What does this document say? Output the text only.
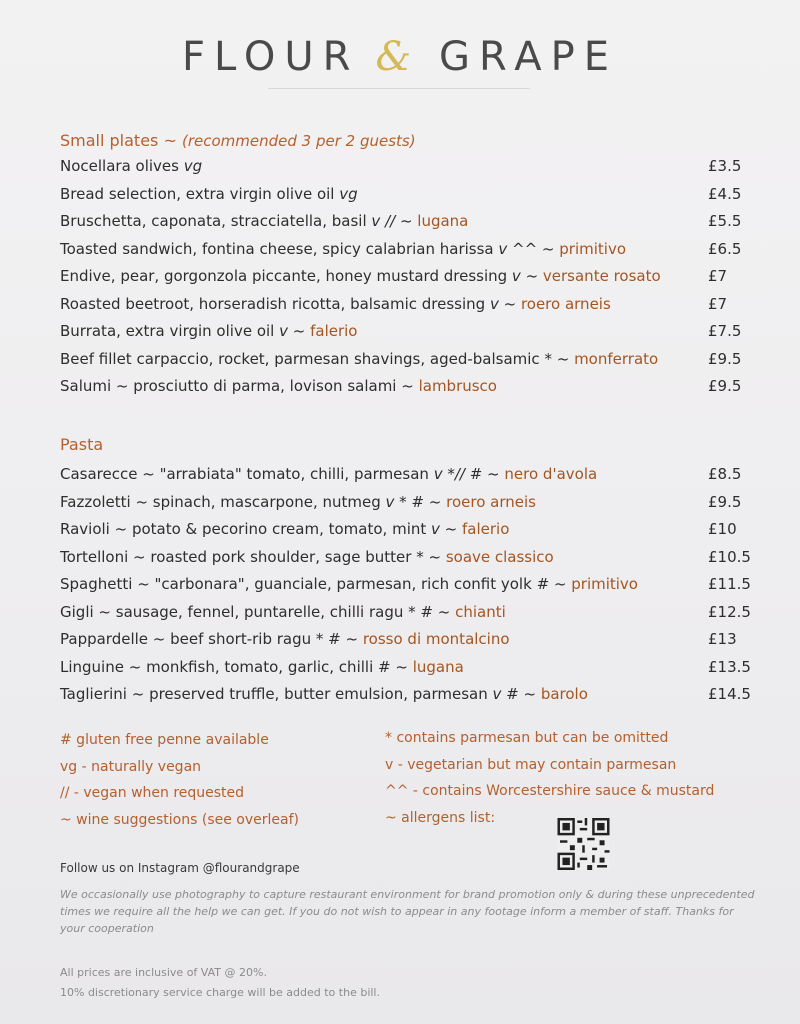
FLOUR & GRAPE
Small plates ~ (recommended 3 per 2 guests)
Nocellara olives vg	£3.5
Bread selection, extra virgin olive oil vg	£4.5
Bruschetta, caponata, stracciatella, basil v // ~ lugana	£5.5
Toasted sandwich, fontina cheese, spicy calabrian harissa v ^^ ~ primitivo	£6.5
Endive, pear, gorgonzola piccante, honey mustard dressing v ~ versante rosato	£7
Roasted beetroot, horseradish ricotta, balsamic dressing v ~ roero arneis	£7
Burrata, extra virgin olive oil v ~ falerio	£7.5
Beef fillet carpaccio, rocket, parmesan shavings, aged-balsamic * ~ monferrato	£9.5
Salumi ~ prosciutto di parma, lovison salami ~ lambrusco	£9.5
Pasta
Casarecce ~ "arrabiata" tomato, chilli, parmesan v *// # ~ nero d'avola	£8.5
Fazzoletti ~ spinach, mascarpone, nutmeg v * # ~ roero arneis	£9.5
Ravioli ~ potato & pecorino cream, tomato, mint v ~ falerio	£10
Tortelloni ~ roasted pork shoulder, sage butter * ~ soave classico	£10.5
Spaghetti ~ "carbonara", guanciale, parmesan, rich confit yolk # ~ primitivo	£11.5
Gigli ~ sausage, fennel, puntarelle, chilli ragu * # ~ chianti	£12.5
Pappardelle ~ beef short-rib ragu * # ~ rosso di montalcino	£13
Linguine ~ monkfish, tomato, garlic, chilli # ~ lugana	£13.5
Taglierini ~ preserved truffle, butter emulsion, parmesan v # ~ barolo	£14.5
# gluten free penne available
vg - naturally vegan
// - vegan when requested
~ wine suggestions (see overleaf)
* contains parmesan but can be omitted
v - vegetarian but may contain parmesan
^^ - contains Worcestershire sauce & mustard
~ allergens list:
Follow us on Instagram @flourandgrape
We occasionally use photography to capture restaurant environment for brand promotion only & during these unprecedented times we require all the help we can get. If you do not wish to appear in any footage inform a member of staff. Thanks for your cooperation
All prices are inclusive of VAT @ 20%.
10% discretionary service charge will be added to the bill.
